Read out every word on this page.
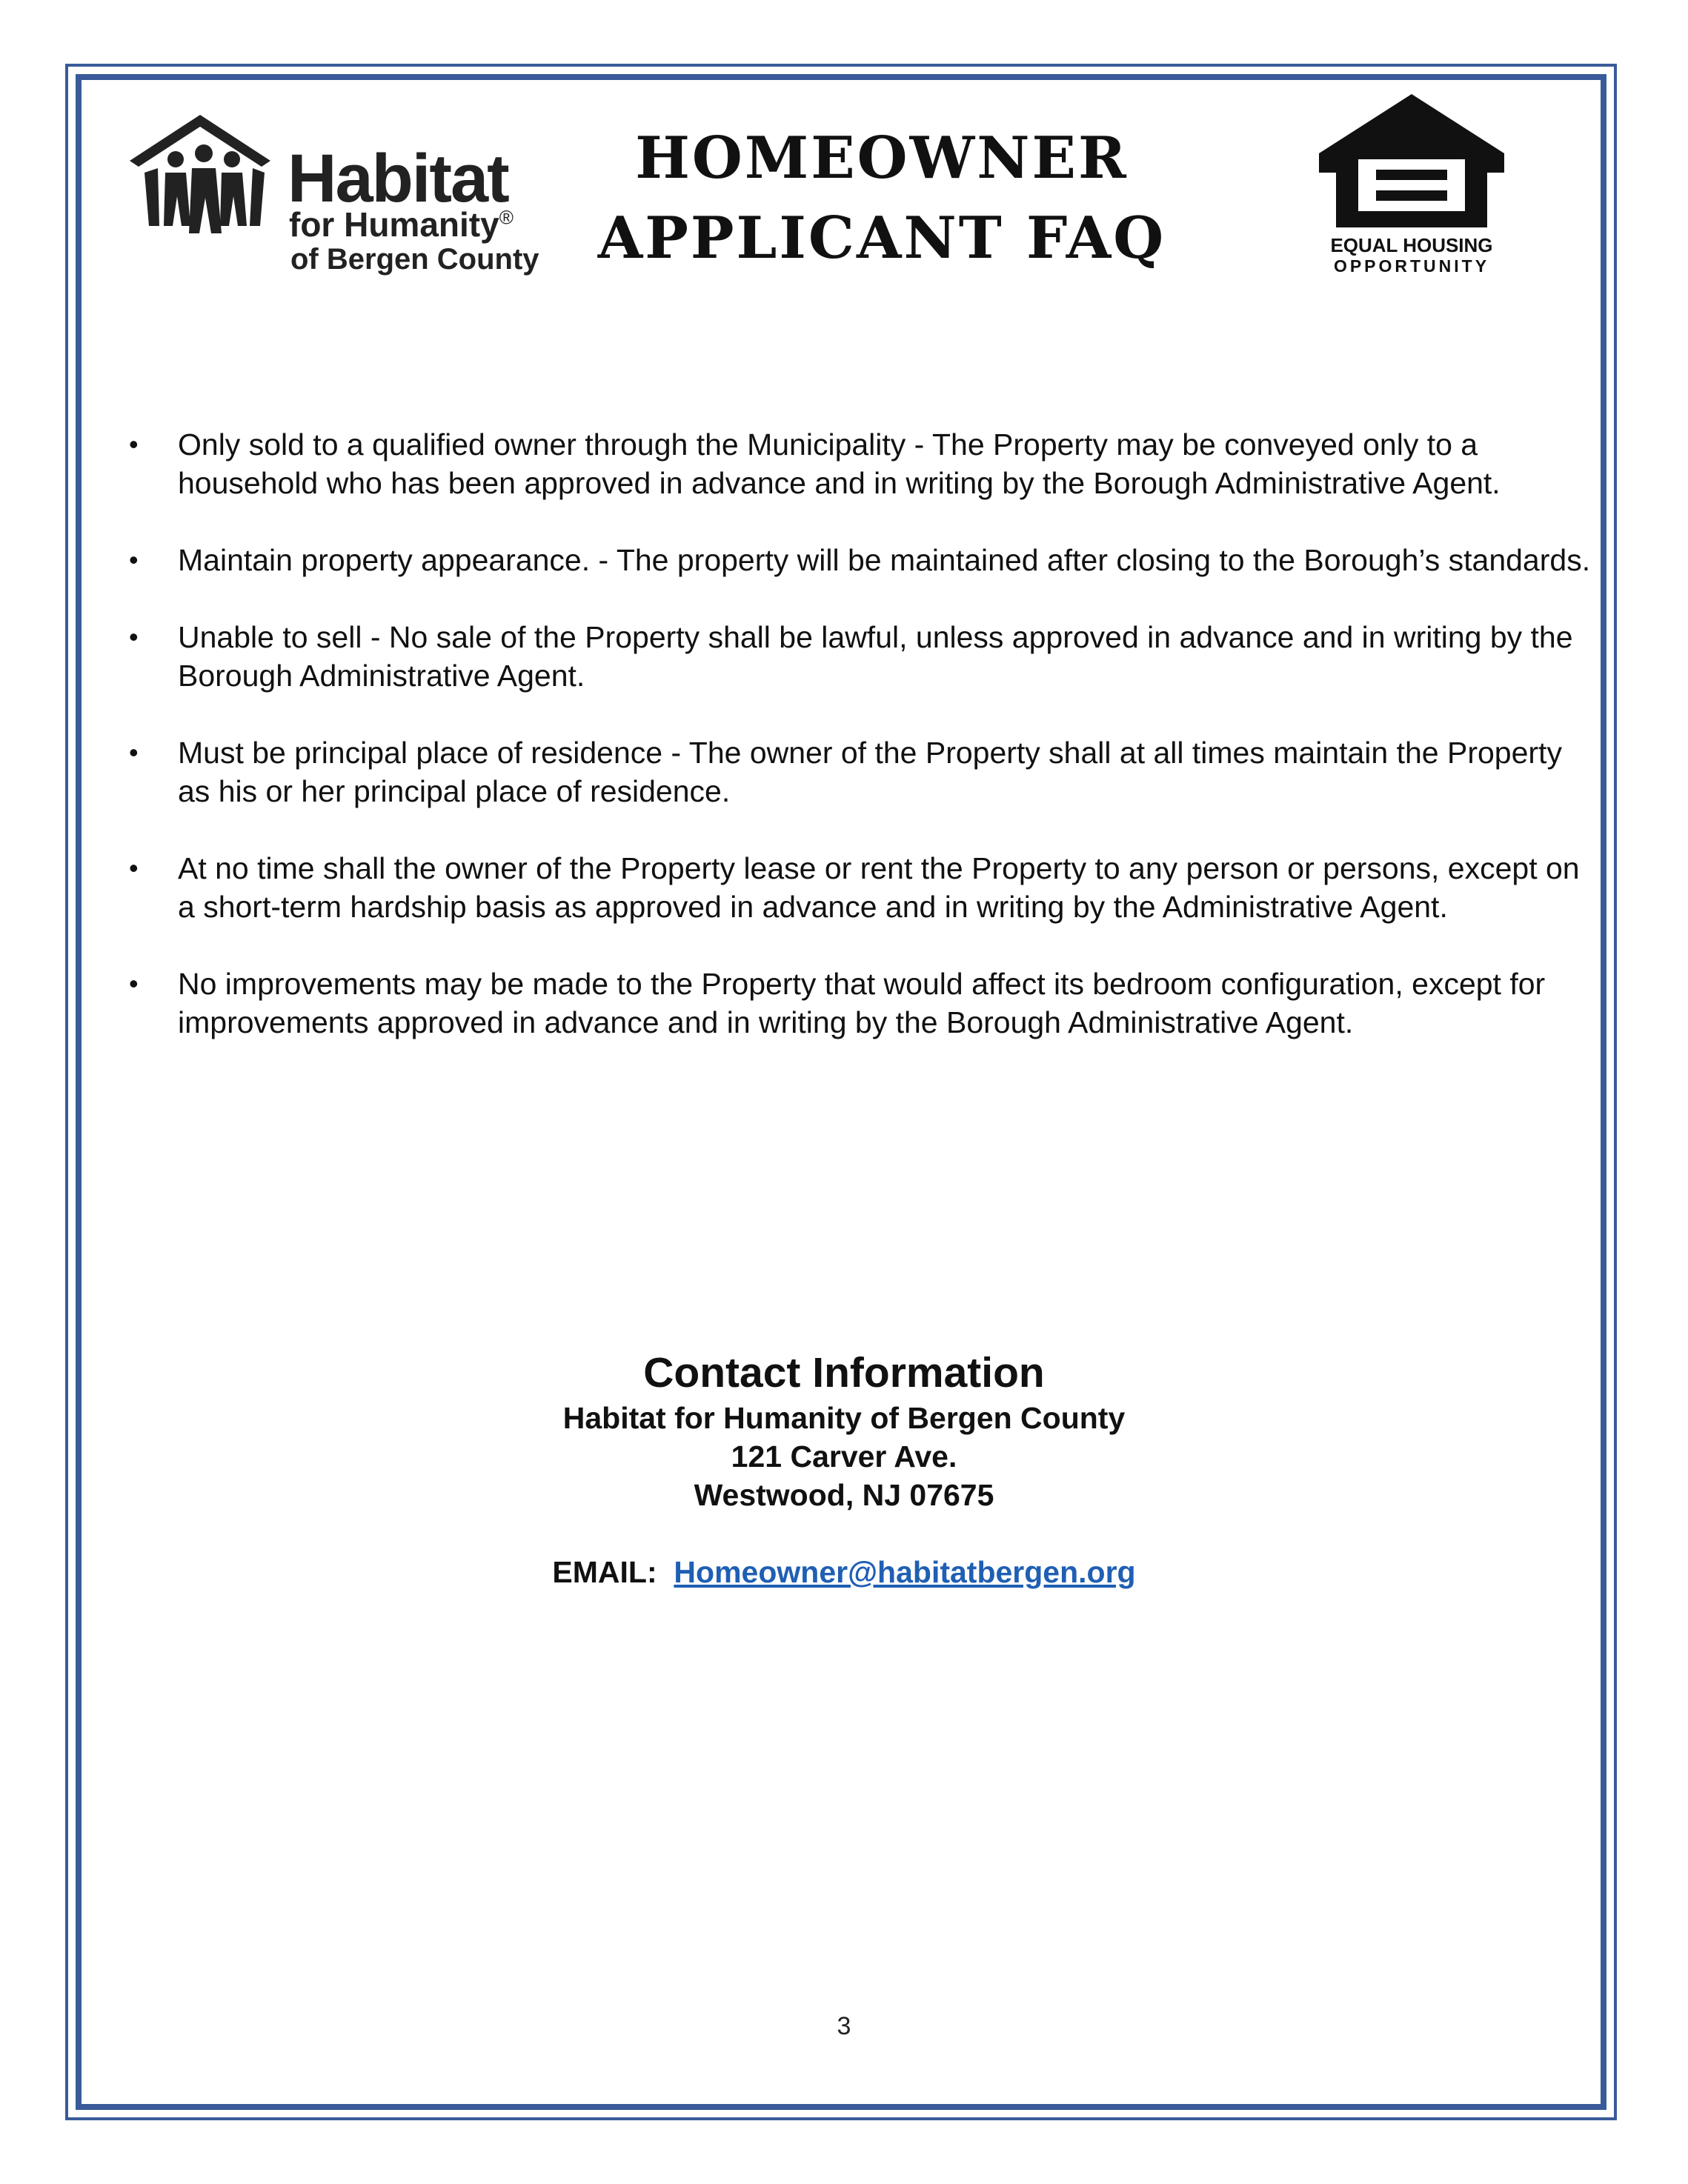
Habitat
for Humanity®
of Bergen County
HOMEOWNER
APPLICANT FAQ	EQUAL HOUSING
OPPORTUNITY
• Only sold to a qualified owner through the Municipality - The Property may be conveyed only to a household who has been approved in advance and in writing by the Borough Administrative Agent.
• Maintain property appearance. - The property will be maintained after closing to the Borough’s standards.
• Unable to sell - No sale of the Property shall be lawful, unless approved in advance and in writing by the Borough Administrative Agent.
• Must be principal place of residence - The owner of the Property shall at all times maintain the Property as his or her principal place of residence.
• At no time shall the owner of the Property lease or rent the Property to any person or persons, except on a short-term hardship basis as approved in advance and in writing by the Administrative Agent.
• No improvements may be made to the Property that would affect its bedroom configuration, except for improvements approved in advance and in writing by the Borough Administrative Agent.
Contact Information
Habitat for Humanity of Bergen County
121 Carver Ave.
Westwood, NJ 07675
EMAIL: Homeowner@habitatbergen.org
3
